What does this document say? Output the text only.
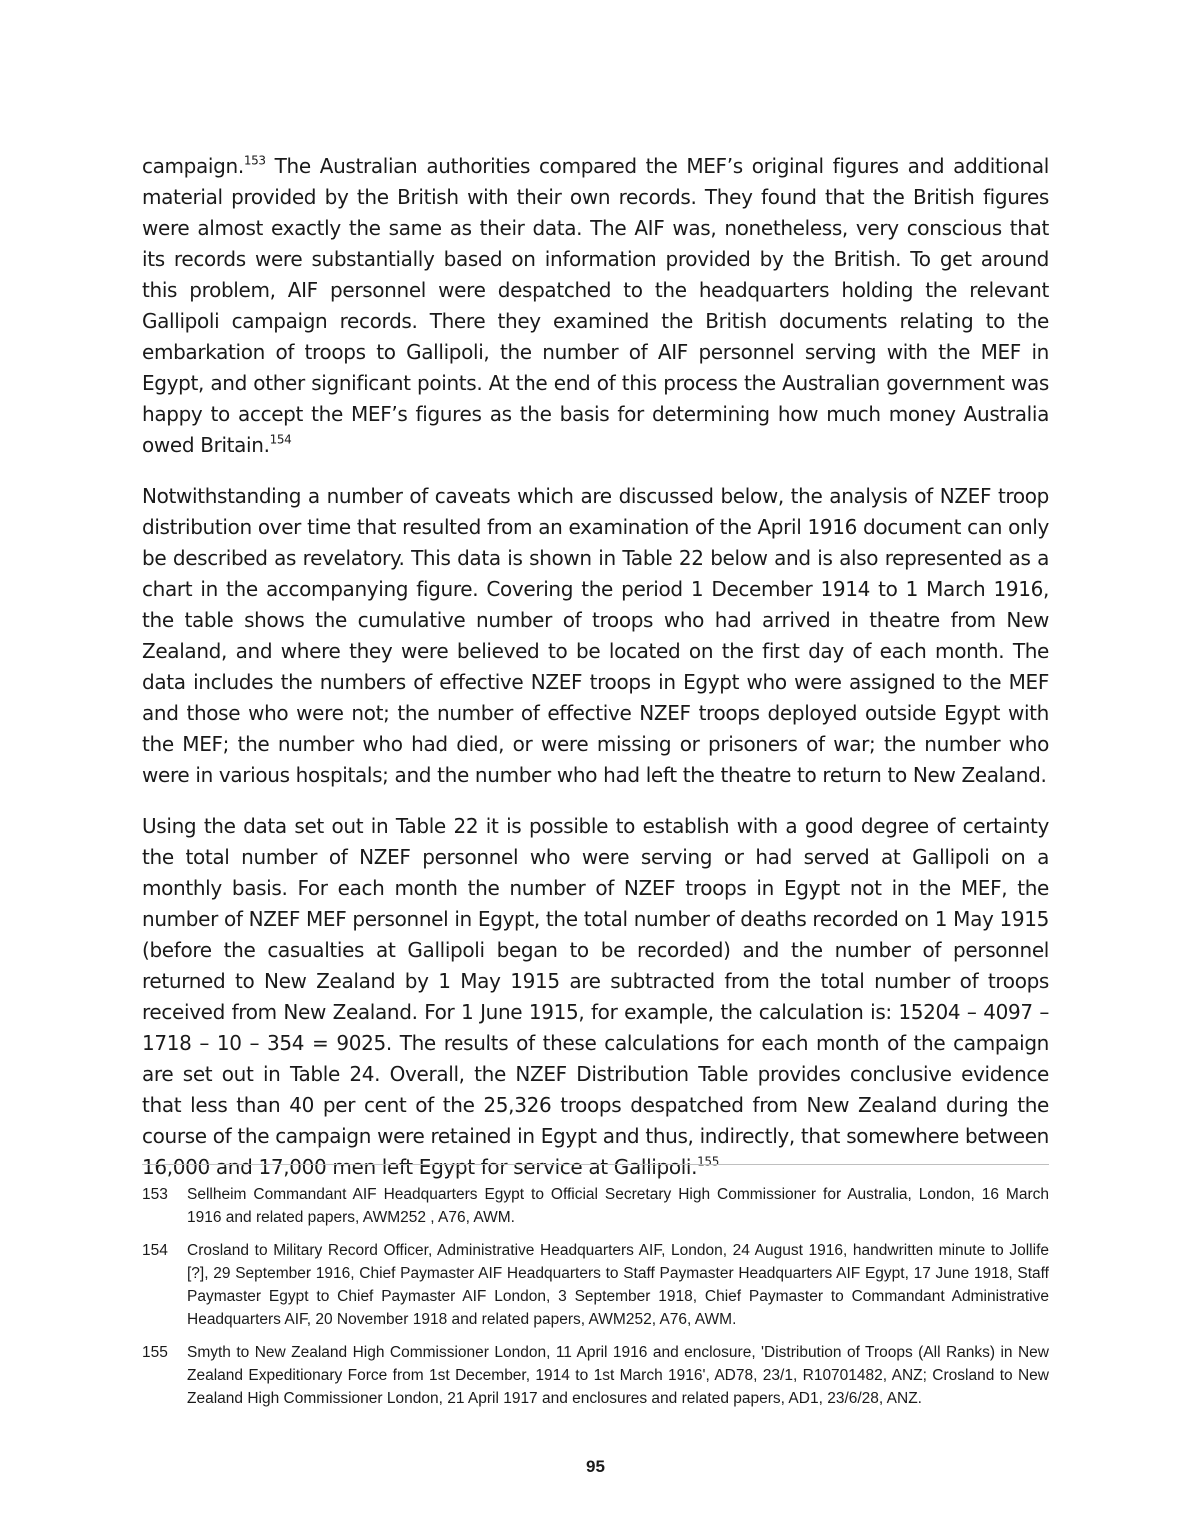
campaign.$^{153}$ The Australian authorities compared the MEF’s original figures and additional material provided by the British with their own records. They found that the British figures were almost exactly the same as their data. The AIF was, nonetheless, very conscious that its records were substantially based on information provided by the British. To get around this problem, AIF personnel were despatched to the headquarters holding the relevant Gallipoli campaign records. There they examined the British documents relating to the embarkation of troops to Gallipoli, the number of AIF personnel serving with the MEF in Egypt, and other significant points. At the end of this process the Australian government was happy to accept the MEF’s figures as the basis for determining how much money Australia owed Britain.$^{154}$

Notwithstanding a number of caveats which are discussed below, the analysis of NZEF troop distribution over time that resulted from an examination of the April 1916 document can only be described as revelatory. This data is shown in Table 22 below and is also represented as a chart in the accompanying figure. Covering the period 1 December 1914 to 1 March 1916, the table shows the cumulative number of troops who had arrived in theatre from New Zealand, and where they were believed to be located on the first day of each month. The data includes the numbers of effective NZEF troops in Egypt who were assigned to the MEF and those who were not; the number of effective NZEF troops deployed outside Egypt with the MEF; the number who had died, or were missing or prisoners of war; the number who were in various hospitals; and the number who had left the theatre to return to New Zealand.

Using the data set out in Table 22 it is possible to establish with a good degree of certainty the total number of NZEF personnel who were serving or had served at Gallipoli on a monthly basis. For each month the number of NZEF troops in Egypt not in the MEF, the number of NZEF MEF personnel in Egypt, the total number of deaths recorded on 1 May 1915 (before the casualties at Gallipoli began to be recorded) and the number of personnel returned to New Zealand by 1 May 1915 are subtracted from the total number of troops received from New Zealand. For 1 June 1915, for example, the calculation is: 15204 – 4097 – 1718 – 10 – 354 = 9025. The results of these calculations for each month of the campaign are set out in Table 24. Overall, the NZEF Distribution Table provides conclusive evidence that less than 40 per cent of the 25,326 troops despatched from New Zealand during the course of the campaign were retained in Egypt and thus, indirectly, that somewhere between 16,000 and 17,000 men left Egypt for service at Gallipoli.$^{155}$

153	Sellheim Commandant AIF Headquarters Egypt to Official Secretary High Commissioner for Australia, London, 16 March 1916 and related papers, AWM252 , A76, AWM.
154	Crosland to Military Record Officer, Administrative Headquarters AIF, London, 24 August 1916, handwritten minute to Jollife [?], 29 September 1916, Chief Paymaster AIF Headquarters to Staff Paymaster Headquarters AIF Egypt, 17 June 1918, Staff Paymaster Egypt to Chief Paymaster AIF London, 3 September 1918, Chief Paymaster to Commandant Administrative Headquarters AIF, 20 November 1918 and related papers, AWM252, A76, AWM.
155	Smyth to New Zealand High Commissioner London, 11 April 1916 and enclosure, 'Distribution of Troops (All Ranks) in New Zealand Expeditionary Force from 1st December, 1914 to 1st March 1916', AD78, 23/1, R10701482, ANZ; Crosland to New Zealand High Commissioner London, 21 April 1917 and enclosures and related papers, AD1, 23/6/28, ANZ.
95
